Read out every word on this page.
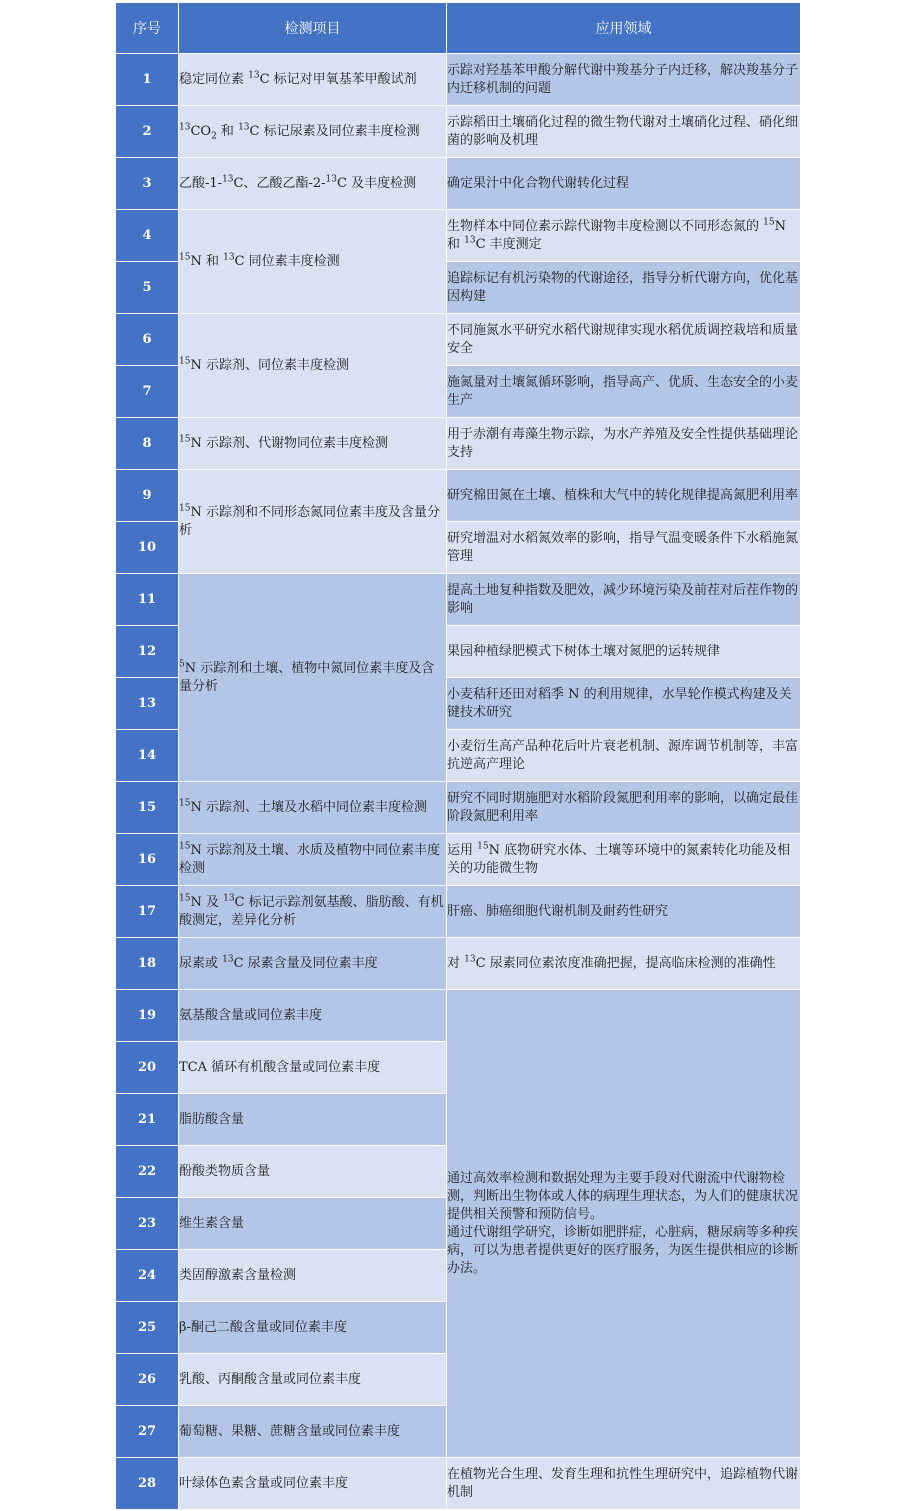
序号	检测项目	应用领域
1	稳定同位素 $^{13}$C 标记对甲氧基苯甲酸试剂	示踪对羟基苯甲酸分解代谢中羧基分子内迁移，解决羧基分子内迁移机制的问题
2	$^{13}CO_2$ 和 $^{13}$C 标记尿素及同位素丰度检测	示踪稻田土壤硝化过程的微生物代谢对土壤硝化过程、硝化细菌的影响及机理
3	乙酸-1-$^{13}$C、乙酸乙酯-2-$^{13}$C 及丰度检测	确定果汁中化合物代谢转化过程
4	$^{15}$N 和 $^{13}$C 同位素丰度检测	生物样本中同位素示踪代谢物丰度检测以不同形态氮的 $^{15}$N 和 $^{13}$C 丰度测定
5		追踪标记有机污染物的代谢途径，指导分析代谢方向，优化基因构建
6	$^{15}$N 示踪剂、同位素丰度检测	不同施氮水平研究水稻代谢规律实现水稻优质调控栽培和质量安全
7		施氮量对土壤氮循环影响，指导高产、优质、生态安全的小麦生产
8	$^{15}$N 示踪剂、代谢物同位素丰度检测	用于赤潮有毒藻生物示踪，为水产养殖及安全性提供基础理论支持
9	$^{15}$N 示踪剂和不同形态氮同位素丰度及含量分析	研究棉田氮在土壤、植株和大气中的转化规律提高氮肥利用率
10		研究增温对水稻氮效率的影响，指导气温变暖条件下水稻施氮管理
11	$^5$N 示踪剂和土壤、植物中氮同位素丰度及含量分析	提高土地复种指数及肥效，减少环境污染及前茬对后茬作物的影响
12		果园种植绿肥模式下树体土壤对氮肥的运转规律
13		小麦秸秆还田对稻季 N 的利用规律，水旱轮作模式构建及关键技术研究
14		小麦衍生高产品种花后叶片衰老机制、源库调节机制等，丰富抗逆高产理论
15	$^{15}$N 示踪剂、土壤及水稻中同位素丰度检测	研究不同时期施肥对水稻阶段氮肥利用率的影响，以确定最佳阶段氮肥利用率
16	$^{15}$N 示踪剂及土壤、水质及植物中同位素丰度检测	运用 $^{15}$N 底物研究水体、土壤等环境中的氮素转化功能及相关的功能微生物
17	$^{15}$N 及 $^{13}$C 标记示踪剂氨基酸、脂肪酸、有机酸测定，差异化分析	肝癌、肺癌细胞代谢机制及耐药性研究
18	尿素或 $^{13}$C 尿素含量及同位素丰度	对 $^{13}$C 尿素同位素浓度准确把握，提高临床检测的准确性
19	氨基酸含量或同位素丰度	通过高效率检测和数据处理为主要手段对代谢流中代谢物检测，判断出生物体或人体的病理生理状态，为人们的健康状况提供相关预警和预防信号。
通过代谢组学研究，诊断如肥胖症，心脏病，糖尿病等多种疾病，可以为患者提供更好的医疗服务，为医生提供相应的诊断办法。
20	TCA 循环有机酸含量或同位素丰度	
21	脂肪酸含量	
22	酚酸类物质含量	
23	维生素含量	
24	类固醇激素含量检测	
25	β-酮己二酸含量或同位素丰度	
26	乳酸、丙酮酸含量或同位素丰度	
27	葡萄糖、果糖、蔗糖含量或同位素丰度	
28	叶绿体色素含量或同位素丰度	在植物光合生理、发育生理和抗性生理研究中，追踪植物代谢机制
